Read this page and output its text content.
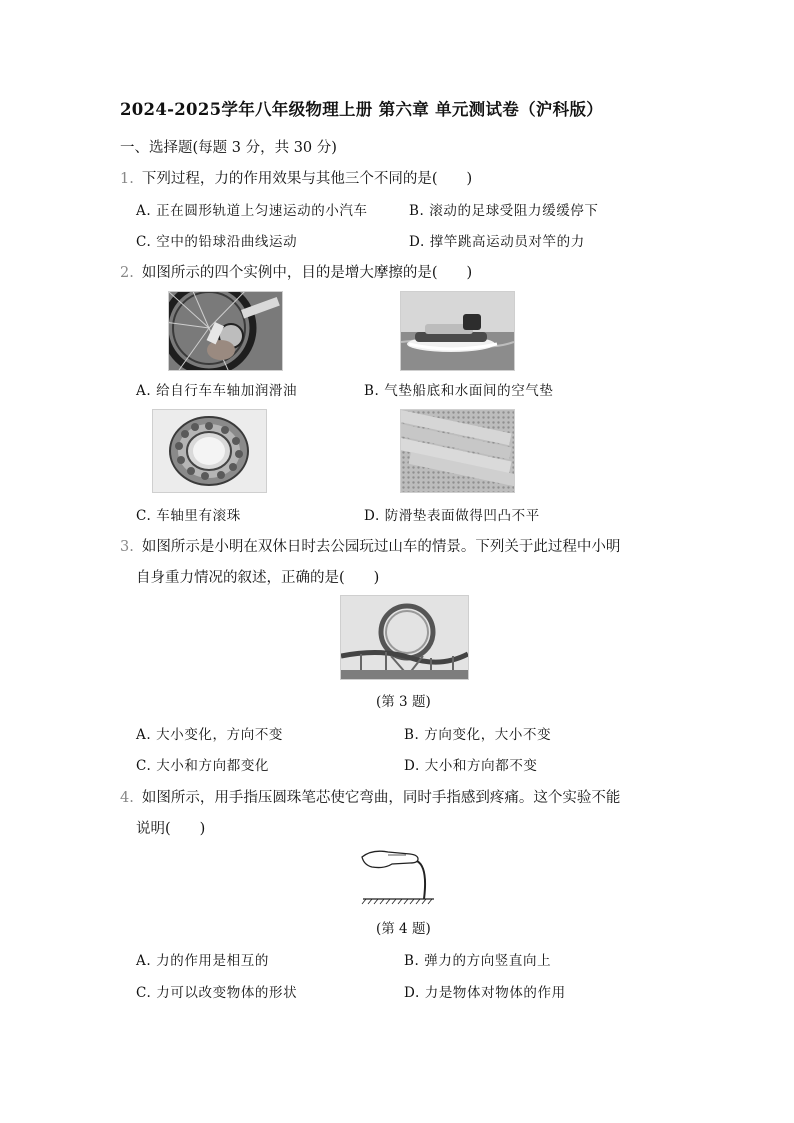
2024-2025学年八年级物理上册 第六章 单元测试卷（沪科版）
一、选择题(每题 3 分，共 30 分)
1. 下列过程，力的作用效果与其他三个不同的是(　　)
A. 正在圆形轨道上匀速运动的小汽车	B. 滚动的足球受阻力缓缓停下
C. 空中的铅球沿曲线运动	D. 撑竿跳高运动员对竿的力
2. 如图所示的四个实例中，目的是增大摩擦的是(　　)
A. 给自行车车轴加润滑油	B. 气垫船底和水面间的空气垫
C. 车轴里有滚珠	D. 防滑垫表面做得凹凸不平
3. 如图所示是小明在双休日时去公园玩过山车的情景。下列关于此过程中小明
自身重力情况的叙述，正确的是(　　)
(第 3 题)
A. 大小变化，方向不变	B. 方向变化，大小不变
C. 大小和方向都变化	D. 大小和方向都不变
4. 如图所示，用手指压圆珠笔芯使它弯曲，同时手指感到疼痛。这个实验不能
说明(　　)
(第 4 题)
A. 力的作用是相互的	B. 弹力的方向竖直向上
C. 力可以改变物体的形状	D. 力是物体对物体的作用
